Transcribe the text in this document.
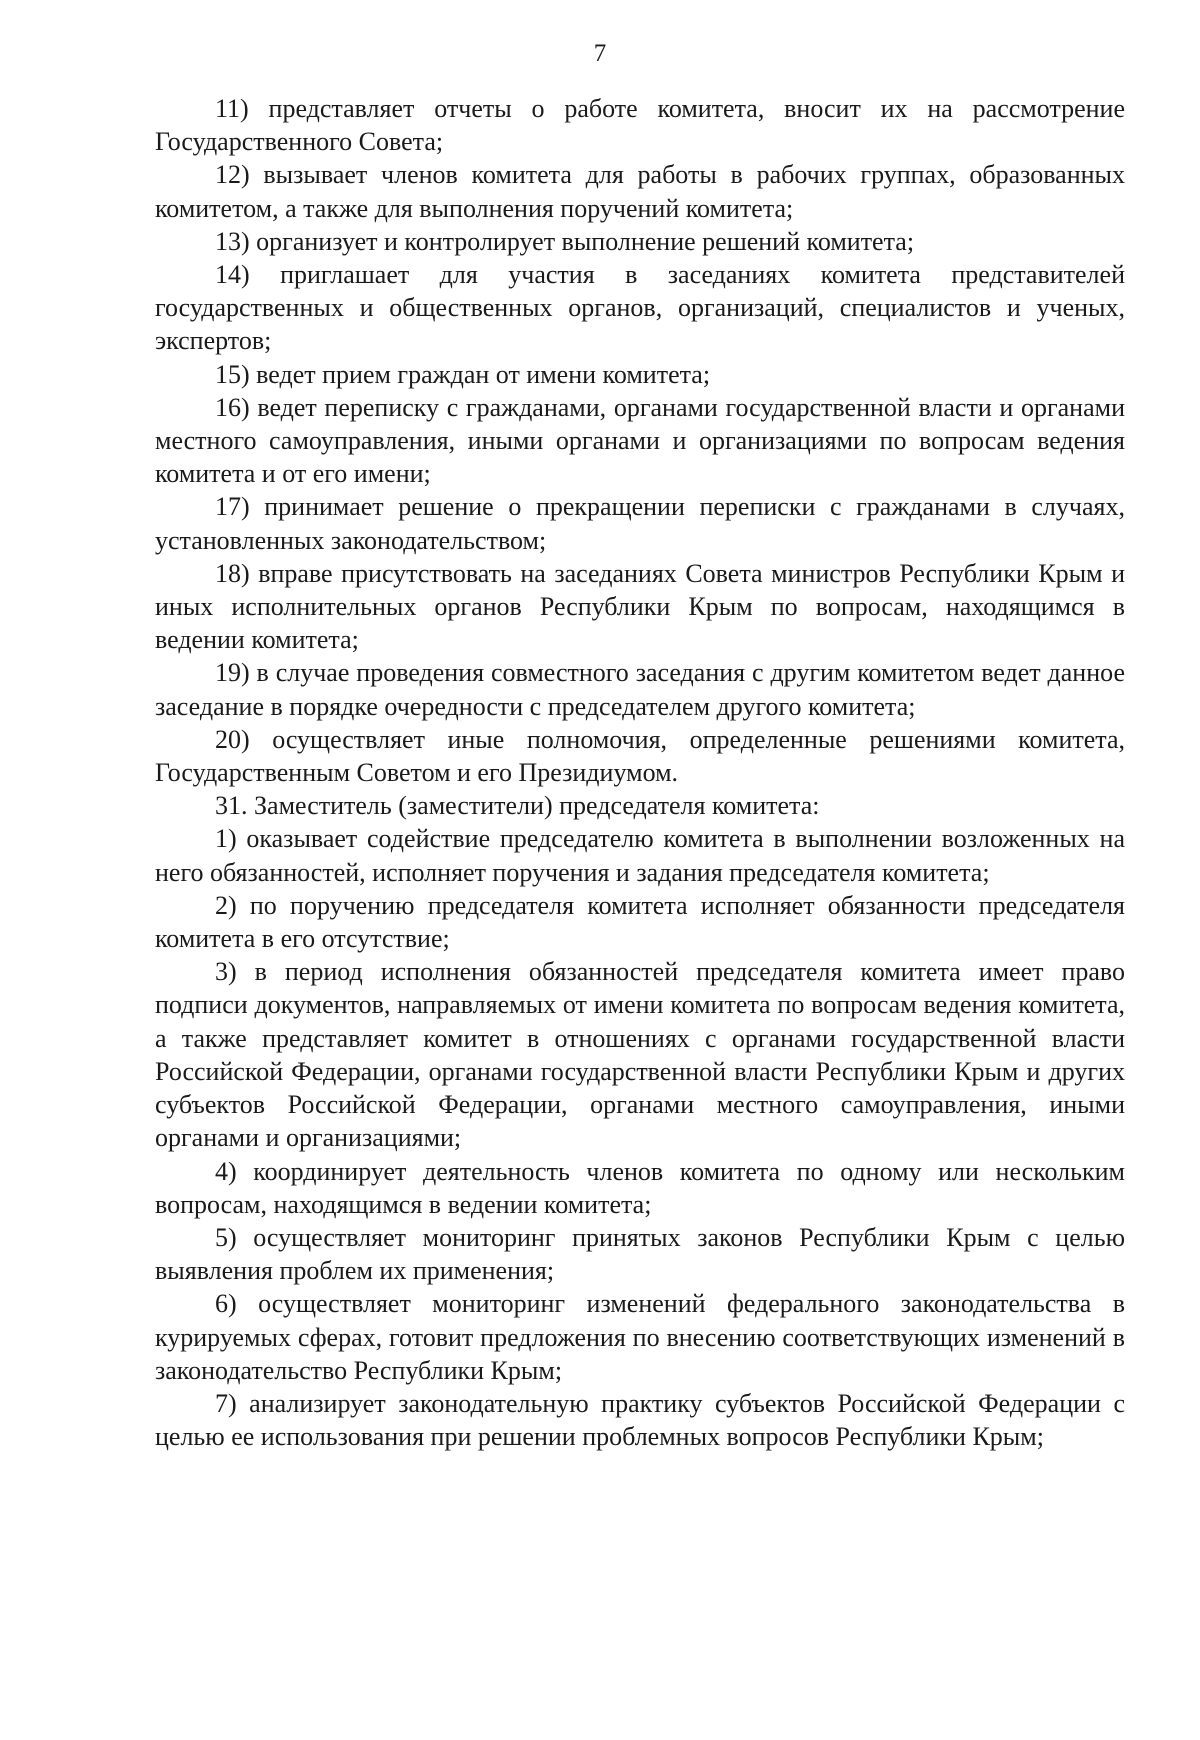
7

11) представляет отчеты о работе комитета, вносит их на рассмотрение Государственного Совета;

12) вызывает членов комитета для работы в рабочих группах, образованных комитетом, а также для выполнения поручений комитета;

13) организует и контролирует выполнение решений комитета;

14) приглашает для участия в заседаниях комитета представителей государственных и общественных органов, организаций, специалистов и ученых, экспертов;

15) ведет прием граждан от имени комитета;

16) ведет переписку с гражданами, органами государственной власти и органами местного самоуправления, иными органами и организациями по вопросам ведения комитета и от его имени;

17) принимает решение о прекращении переписки с гражданами в случаях, установленных законодательством;

18) вправе присутствовать на заседаниях Совета министров Республики Крым и иных исполнительных органов Республики Крым по вопросам, находящимся в ведении комитета;

19) в случае проведения совместного заседания с другим комитетом ведет данное заседание в порядке очередности с председателем другого комитета;

20) осуществляет иные полномочия, определенные решениями комитета, Государственным Советом и его Президиумом.

31. Заместитель (заместители) председателя комитета:

1) оказывает содействие председателю комитета в выполнении возложенных на него обязанностей, исполняет поручения и задания председателя комитета;

2) по поручению председателя комитета исполняет обязанности председателя комитета в его отсутствие;

3) в период исполнения обязанностей председателя комитета имеет право подписи документов, направляемых от имени комитета по вопросам ведения комитета, а также представляет комитет в отношениях с органами государственной власти Российской Федерации, органами государственной власти Республики Крым и других субъектов Российской Федерации, органами местного самоуправления, иными органами и организациями;

4) координирует деятельность членов комитета по одному или нескольким вопросам, находящимся в ведении комитета;

5) осуществляет мониторинг принятых законов Республики Крым с целью выявления проблем их применения;

6) осуществляет мониторинг изменений федерального законодательства в курируемых сферах, готовит предложения по внесению соответствующих изменений в законодательство Республики Крым;

7) анализирует законодательную практику субъектов Российской Федерации с целью ее использования при решении проблемных вопросов Республики Крым;
